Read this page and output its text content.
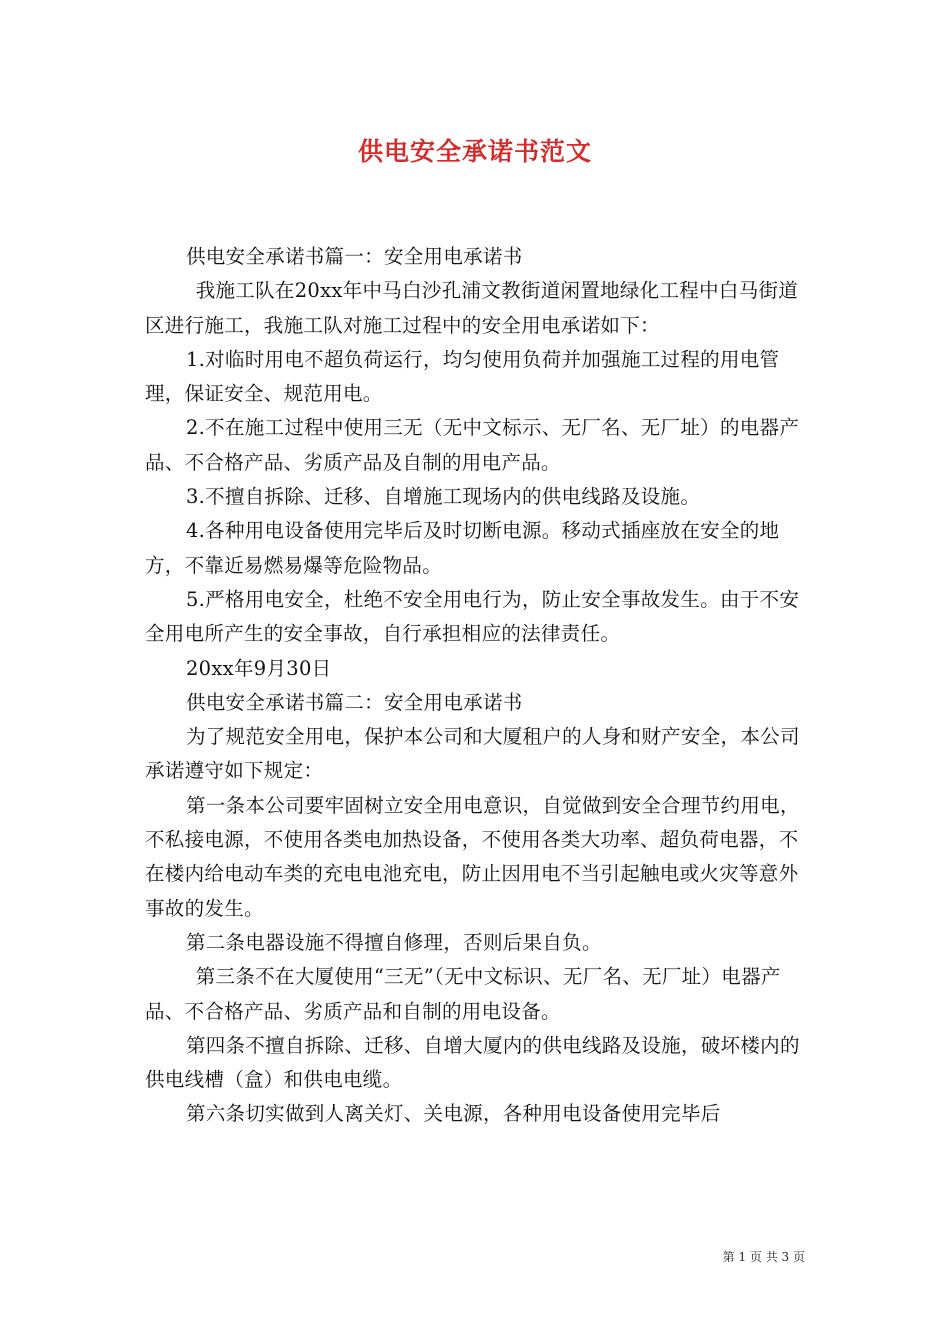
供电安全承诺书范文

供电安全承诺书篇一：安全用电承诺书

我施工队在20xx年中马白沙孔浦文教街道闲置地绿化工程中白马街道区进行施工，我施工队对施工过程中的安全用电承诺如下：

1.对临时用电不超负荷运行，均匀使用负荷并加强施工过程的用电管理，保证安全、规范用电。

2.不在施工过程中使用三无（无中文标示、无厂名、无厂址）的电器产品、不合格产品、劣质产品及自制的用电产品。

3.不擅自拆除、迁移、自增施工现场内的供电线路及设施。

4.各种用电设备使用完毕后及时切断电源。移动式插座放在安全的地方，不靠近易燃易爆等危险物品。

5.严格用电安全，杜绝不安全用电行为，防止安全事故发生。由于不安全用电所产生的安全事故，自行承担相应的法律责任。

20xx年9月30日

供电安全承诺书篇二：安全用电承诺书

为了规范安全用电，保护本公司和大厦租户的人身和财产安全，本公司承诺遵守如下规定：

第一条本公司要牢固树立安全用电意识，自觉做到安全合理节约用电，不私接电源，不使用各类电加热设备，不使用各类大功率、超负荷电器，不在楼内给电动车类的充电电池充电，防止因用电不当引起触电或火灾等意外事故的发生。

第二条电器设施不得擅自修理，否则后果自负。

第三条不在大厦使用“三无”（无中文标识、无厂名、无厂址）电器产品、不合格产品、劣质产品和自制的用电设备。

第四条不擅自拆除、迁移、自增大厦内的供电线路及设施，破坏楼内的供电线槽（盒）和供电电缆。

第六条切实做到人离关灯、关电源，各种用电设备使用完毕后

第 1 页 共 3 页
